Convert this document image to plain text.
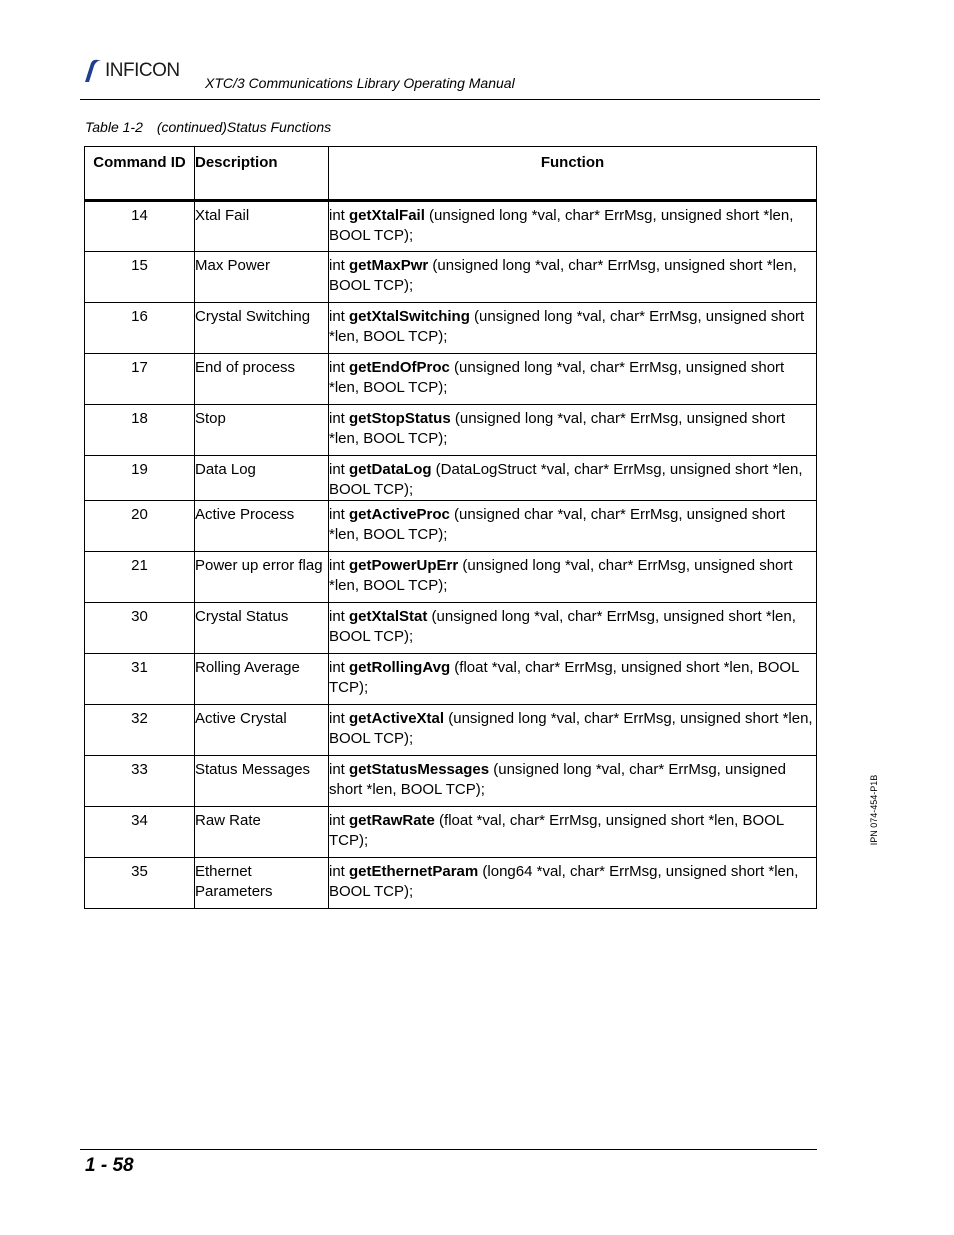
INFICON
XTC/3 Communications Library Operating Manual
Table 1-2 (continued)Status Functions
Command ID	Description	Function
14	Xtal Fail	int getXtalFail (unsigned long *val, char* ErrMsg, unsigned short *len, BOOL TCP);
15	Max Power	int getMaxPwr (unsigned long *val, char* ErrMsg, unsigned short *len, BOOL TCP);
16	Crystal Switching	int getXtalSwitching (unsigned long *val, char* ErrMsg, unsigned short *len, BOOL TCP);
17	End of process	int getEndOfProc (unsigned long *val, char* ErrMsg, unsigned short *len, BOOL TCP);
18	Stop	int getStopStatus (unsigned long *val, char* ErrMsg, unsigned short *len, BOOL TCP);
19	Data Log	int getDataLog (DataLogStruct *val, char* ErrMsg, unsigned short *len, BOOL TCP);
20	Active Process	int getActiveProc (unsigned char *val, char* ErrMsg, unsigned short *len, BOOL TCP);
21	Power up error flag	int getPowerUpErr (unsigned long *val, char* ErrMsg, unsigned short *len, BOOL TCP);
30	Crystal Status	int getXtalStat (unsigned long *val, char* ErrMsg, unsigned short *len, BOOL TCP);
31	Rolling Average	int getRollingAvg (float *val, char* ErrMsg, unsigned short *len, BOOL TCP);
32	Active Crystal	int getActiveXtal (unsigned long *val, char* ErrMsg, unsigned short *len, BOOL TCP);
33	Status Messages	int getStatusMessages (unsigned long *val, char* ErrMsg, unsigned short *len, BOOL TCP);
34	Raw Rate	int getRawRate (float *val, char* ErrMsg, unsigned short *len, BOOL TCP);
35	Ethernet Parameters	int getEthernetParam (long64 *val, char* ErrMsg, unsigned short *len, BOOL TCP);
IPN 074-454-P1B
1 - 58
